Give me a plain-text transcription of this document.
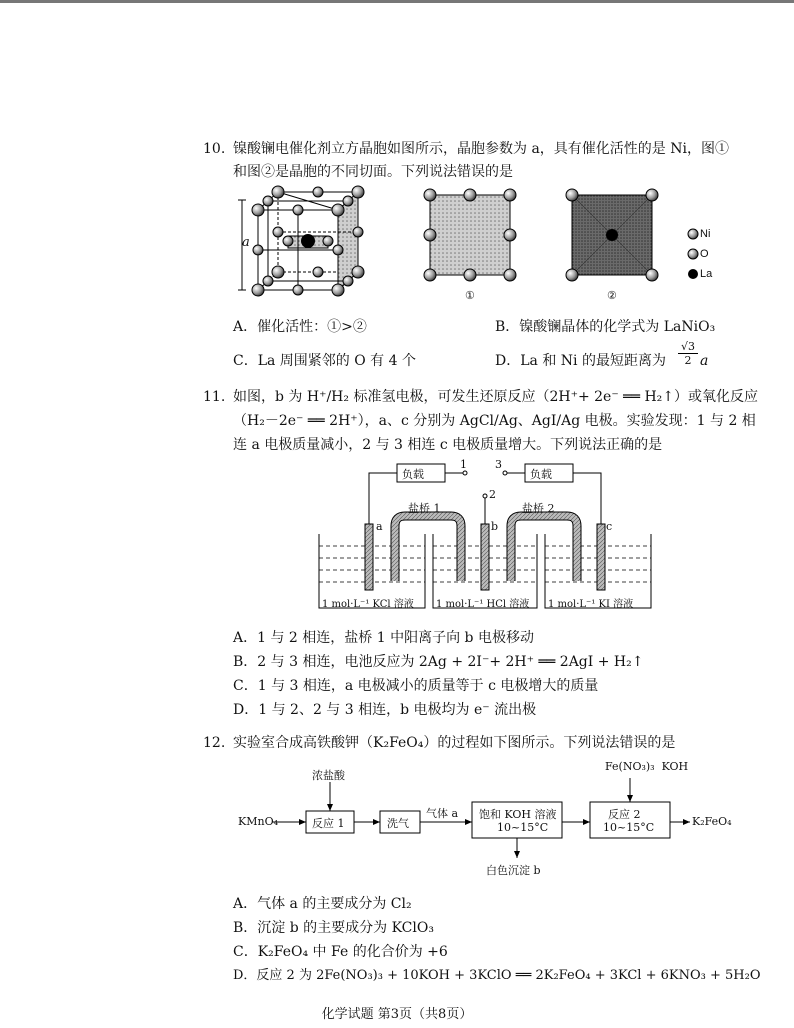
10. 镍酸镧电催化剂立方晶胞如图所示，晶胞参数为 a，具有催化活性的是 Ni，图①
和图②是晶胞的不同切面。下列说法错误的是
a
①	②
Ni
O
La
A．催化活性：①>②	B．镍酸镧晶体的化学式为 LaNiO₃
C．La 周围紧邻的 O 有 4 个	D．La 和 Ni 的最短距离为 $\frac{√3}{2}$ a
11. 如图，b 为 H⁺/H₂ 标准氢电极，可发生还原反应（2H⁺+ 2e⁻ ══ H₂↑）或氧化反应
（H₂－2e⁻ ══ 2H⁺），a、c 分别为 AgCl/Ag、AgI/Ag 电极。实验发现：1 与 2 相
连 a 电极质量减小，2 与 3 相连 c 电极质量增大。下列说法正确的是
负载	负载
1	3
2
盐桥 1	盐桥 2
a	b	c
1 mol·L⁻¹ KCl 溶液 1 mol·L⁻¹ HCl 溶液 1 mol·L⁻¹ KI 溶液
A．1 与 2 相连，盐桥 1 中阳离子向 b 电极移动
B．2 与 3 相连，电池反应为 2Ag + 2I⁻+ 2H⁺ ══ 2AgI + H₂↑
C．1 与 3 相连，a 电极减小的质量等于 c 电极增大的质量
D．1 与 2、2 与 3 相连，b 电极均为 e⁻ 流出极
12. 实验室合成高铁酸钾（K₂FeO₄）的过程如下图所示。下列说法错误的是
浓盐酸
Fe(NO₃)₃  KOH
KMnO₄	反应 1	洗气
气体 a 饱和 KOH 溶液
10~15°C
反应 2
10~15°C	K₂FeO₄
白色沉淀 b
A．气体 a 的主要成分为 Cl₂
B．沉淀 b 的主要成分为 KClO₃
C．K₂FeO₄ 中 Fe 的化合价为 +6
D．反应 2 为 2Fe(NO₃)₃ + 10KOH + 3KClO ══ 2K₂FeO₄ + 3KCl + 6KNO₃ + 5H₂O
化学试题 第3页（共8页）
